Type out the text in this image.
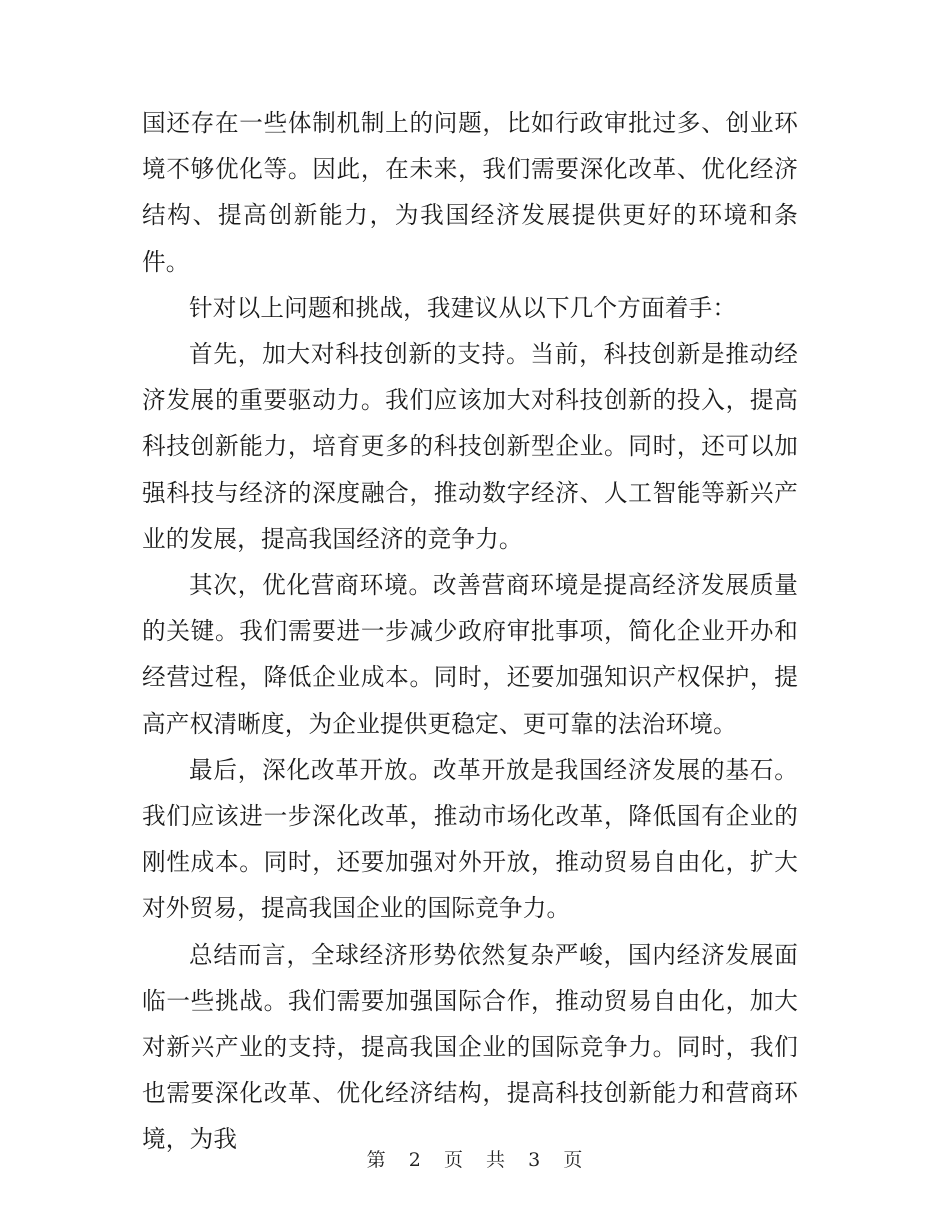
国还存在一些体制机制上的问题，比如行政审批过多、创业环境不够优化等。因此，在未来，我们需要深化改革、优化经济结构、提高创新能力，为我国经济发展提供更好的环境和条件。

针对以上问题和挑战，我建议从以下几个方面着手：

首先，加大对科技创新的支持。当前，科技创新是推动经济发展的重要驱动力。我们应该加大对科技创新的投入，提高科技创新能力，培育更多的科技创新型企业。同时，还可以加强科技与经济的深度融合，推动数字经济、人工智能等新兴产业的发展，提高我国经济的竞争力。

其次，优化营商环境。改善营商环境是提高经济发展质量的关键。我们需要进一步减少政府审批事项，简化企业开办和经营过程，降低企业成本。同时，还要加强知识产权保护，提高产权清晰度，为企业提供更稳定、更可靠的法治环境。

最后，深化改革开放。改革开放是我国经济发展的基石。我们应该进一步深化改革，推动市场化改革，降低国有企业的刚性成本。同时，还要加强对外开放，推动贸易自由化，扩大对外贸易，提高我国企业的国际竞争力。

总结而言，全球经济形势依然复杂严峻，国内经济发展面临一些挑战。我们需要加强国际合作，推动贸易自由化，加大对新兴产业的支持，提高我国企业的国际竞争力。同时，我们也需要深化改革、优化经济结构，提高科技创新能力和营商环境，为我

第 2 页 共 3 页
